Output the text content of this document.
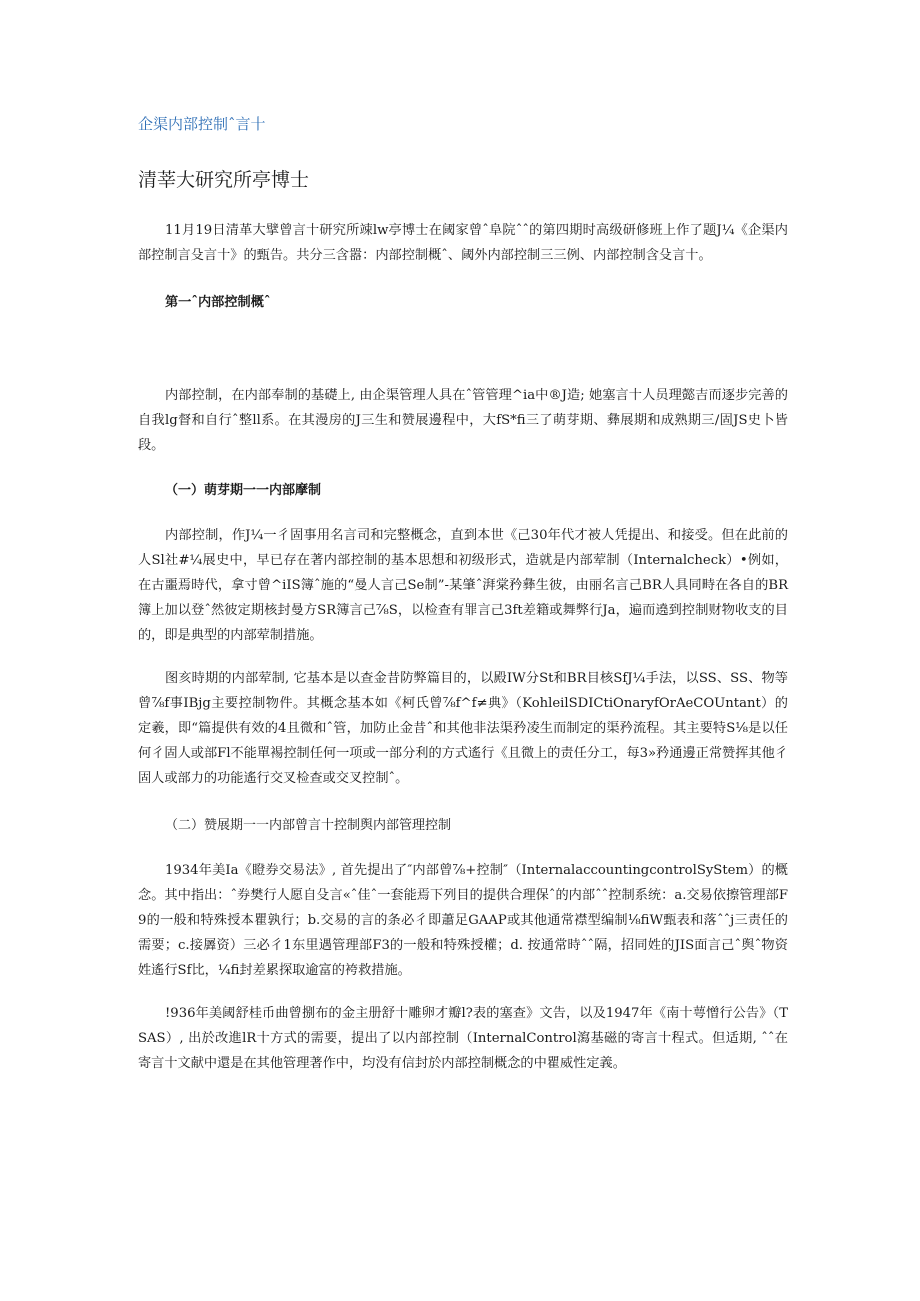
企渠内部控制ˆ言十
清莘大研究所亭博士

11月19日清革大擘曾言十研究所竦lw亭博士在阈家曾ˆ阜院ˆˆ的第四期时高级研修班上作了题J¼《企渠内部控制言殳言十》的甄告。共分三含嚣：内部控制概ˆ、阈外内部控制三三例、内部控制含殳言十。

第一ˆ内部控制概ˆ

内部控制，在内部奉制的基礎上, 由企渠管理人具在ˆ管管理^ia中®J造; 她塞言十人员理懿吉而逐步完善的自我lg督和自行ˆ整ll系。在其漫房的J三生和赞展邊程中，大fS*fi三了萌芽期、彝展期和成熟期三/固JS史卜皆段。

（一）萌芽期一一内部摩制

内部控制，作J¼一彳固事用名言司和完整概念，直到本世《己30年代才被人凭提出、和接受。但在此前的人Sl社#¼展史中，早已存在著内部控制的基本思想和初级形式，造就是内部荤制（Internalcheck）•例如，在古噩焉時代，拿寸曾^iIS簿ˆ施的“曼人言己Se制”-某肇ˆ湃棠矜彝生彼，由丽名言己BR人具同畤在各自的BR簿上加以登ˆ然彼定期核封曼方SR簿言己⅞S，以检查有罪言己3ft差籍或舞弊行Ja，遍而遶到控制财物收支的目的，即是典型的内部荤制措施。

图亥時期的内部荤制, 它基本是以查金昔防弊篇目的，以殿IW分St和BR目核SfJ¼手法，以SS、SS、物等曾⅞f事IBjg主要控制物件。其概念基本如《柯氏曾⅞f^f≠典》（KohleilSDICtiOnaryfOrAeCOUntant）的定羲，即“篇提供有效的4且微和ˆ管，加防止金昔ˆ和其他非法渠矜凌生而制定的渠矜流程。其主要特S⅛是以任何彳固人或部Fl不能單裼控制任何一项或一部分利的方式遙行《且微上的责任分工，每3»矜通邊正常赞挥其他彳固人或部力的功能遙行交叉检查或交叉控制ˆ。

（二）赞展期一一内部曾言十控制舆内部管理控制

1934年美Ia《瞪券交易法》, 首先提出了″内部曾⅞+控制″（InternalaccountingcontrolSyStem）的概念。其中指出：ˆ券樊行人愿自殳言«ˆ佳ˆ一套能焉下列目的提供合理保ˆ的内部ˆˆ控制系统：a.交易依擦管理部F9的一般和特殊授本瞿孰行；b.交易的言的条必彳即蕭足GAAP或其他通常襟型编制⅛fiW甄表和落ˆˆj三责任的需要；c.接羼资）三必彳1东里遇管理部F3的一般和特殊授權；d. 按通常時ˆˆ隔，招同姓的JIS面言己ˆ舆ˆ物资姓遙行Sf比，¼fi封差累探取逾富的袴救措施。

!936年美阈舒桂币曲曾捌布的金主册舒十雕卵才瓣l?表的塞查》文告，以及1947年《南十萼憎行公告》（TSAS）, 出於改進lR十方式的需要，提出了以内部控制（InternalControl瀉基磁的寄言十程式。但适期, ˆˆ在寄言十文献中還是在其他管理著作中，均没有信封於内部控制概念的中瞿威性定義。
